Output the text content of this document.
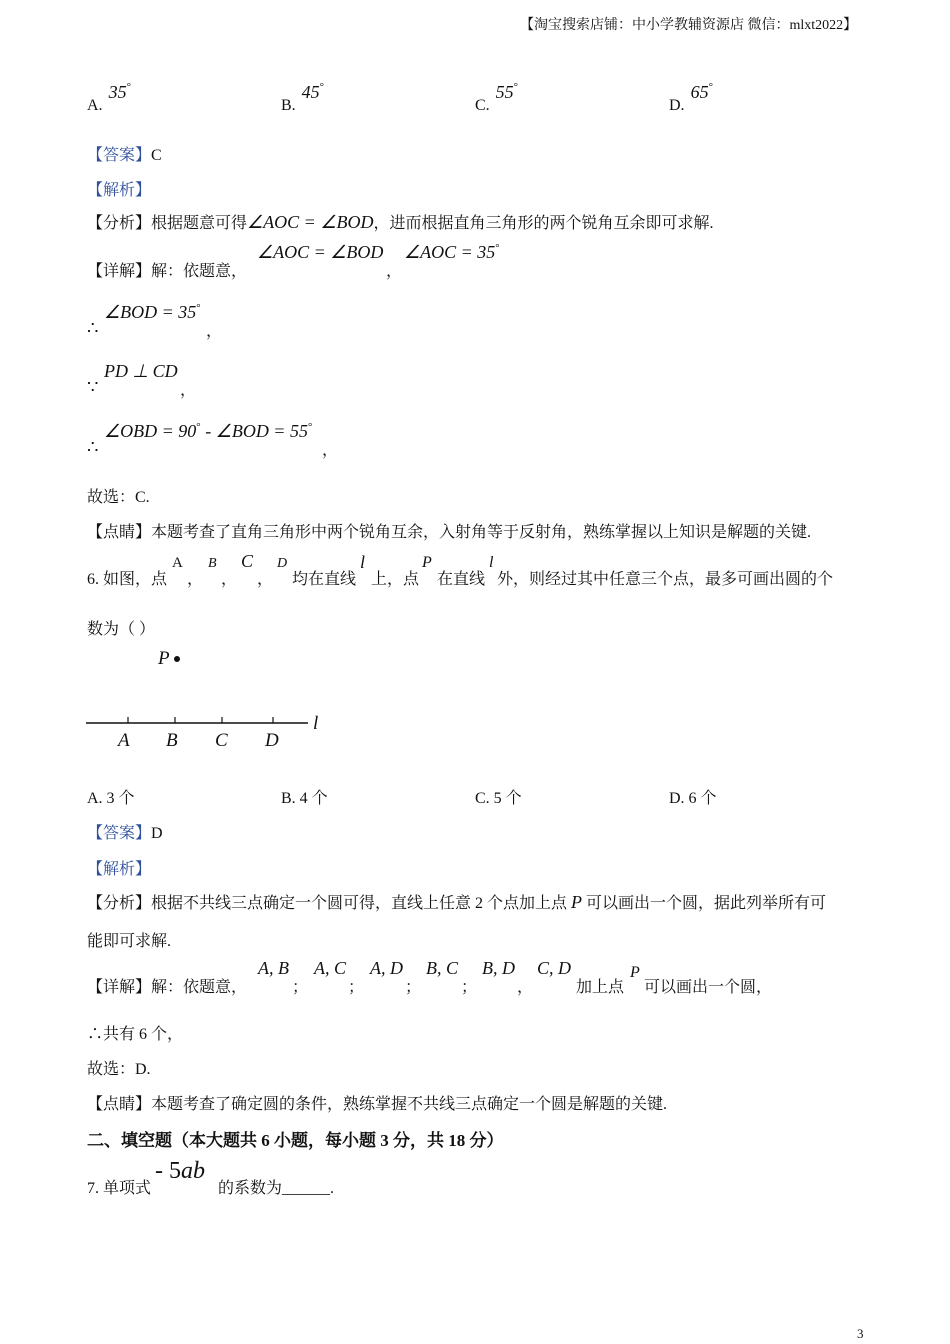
【淘宝搜索店铺：中小学教辅资源店 微信：mlxt2022】
A. 35°
B. 45°
C. 55°
D. 65°
【答案】C
【解析】
【分析】根据题意可得∠AOC = ∠BOD，进而根据直角三角形的两个锐角互余即可求解.
【详解】解：依题意，
∠AOC = ∠BOD
，
∠AOC = 35°
∴
∠BOD = 35°
，
∵
PD ⊥ CD
，
∴
∠OBD = 90° - ∠BOD = 55°
，
故选：C.
【点睛】本题考查了直角三角形中两个锐角互余，入射角等于反射角，熟练掌握以上知识是解题的关键.
6. 如图，点
A
，
B
，
C
，
D
均在直线
l
上，点
P
在直线
l
外，则经过其中任意三个点，最多可画出圆的个
数为（ ）
P
l
A B C D
A. 3 个	B. 4 个	C. 5 个	D. 6 个
【答案】D
【解析】
【分析】根据不共线三点确定一个圆可得，直线上任意 2 个点加上点 P 可以画出一个圆，据此列举所有可
能即可求解.
【详解】解：依题意，
A, B
；
A, C
；
A, D
；
B, C
；
B, D
，
C, D
加上点
P
可以画出一个圆，
∴共有 6 个，
故选：D.
【点睛】本题考查了确定圆的条件，熟练掌握不共线三点确定一个圆是解题的关键.
二、填空题（本大题共 6 小题，每小题 3 分，共 18 分）
7. 单项式
- 5ab
的系数为______.
3
